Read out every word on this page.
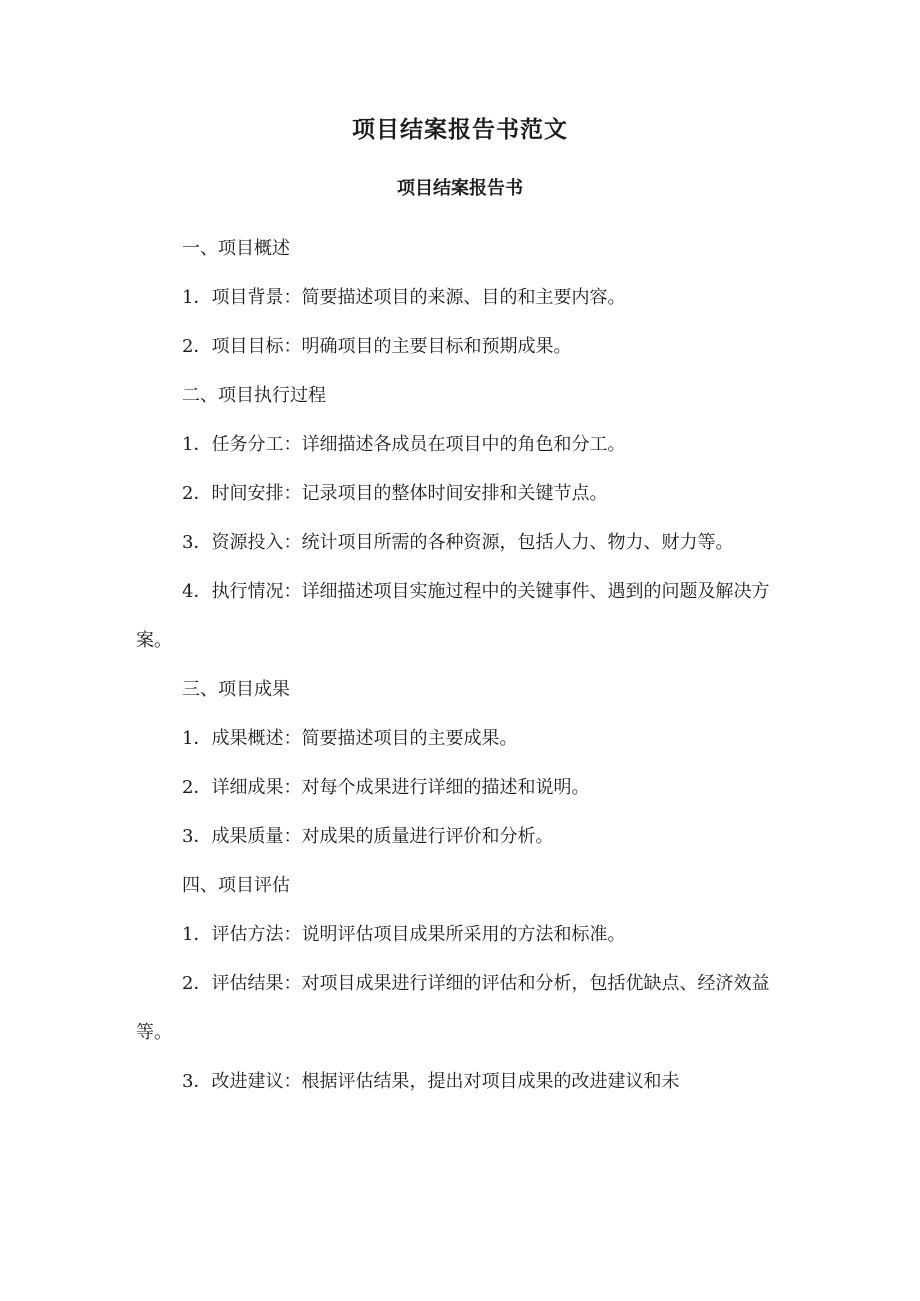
项目结案报告书范文
项目结案报告书

一、项目概述

1．项目背景：简要描述项目的来源、目的和主要内容。

2．项目目标：明确项目的主要目标和预期成果。

二、项目执行过程

1．任务分工：详细描述各成员在项目中的角色和分工。

2．时间安排：记录项目的整体时间安排和关键节点。

3．资源投入：统计项目所需的各种资源，包括人力、物力、财力等。

4．执行情况：详细描述项目实施过程中的关键事件、遇到的问题及解决方案。

三、项目成果

1．成果概述：简要描述项目的主要成果。

2．详细成果：对每个成果进行详细的描述和说明。

3．成果质量：对成果的质量进行评价和分析。

四、项目评估

1．评估方法：说明评估项目成果所采用的方法和标准。

2．评估结果：对项目成果进行详细的评估和分析，包括优缺点、经济效益等。

3．改进建议：根据评估结果，提出对项目成果的改进建议和未
